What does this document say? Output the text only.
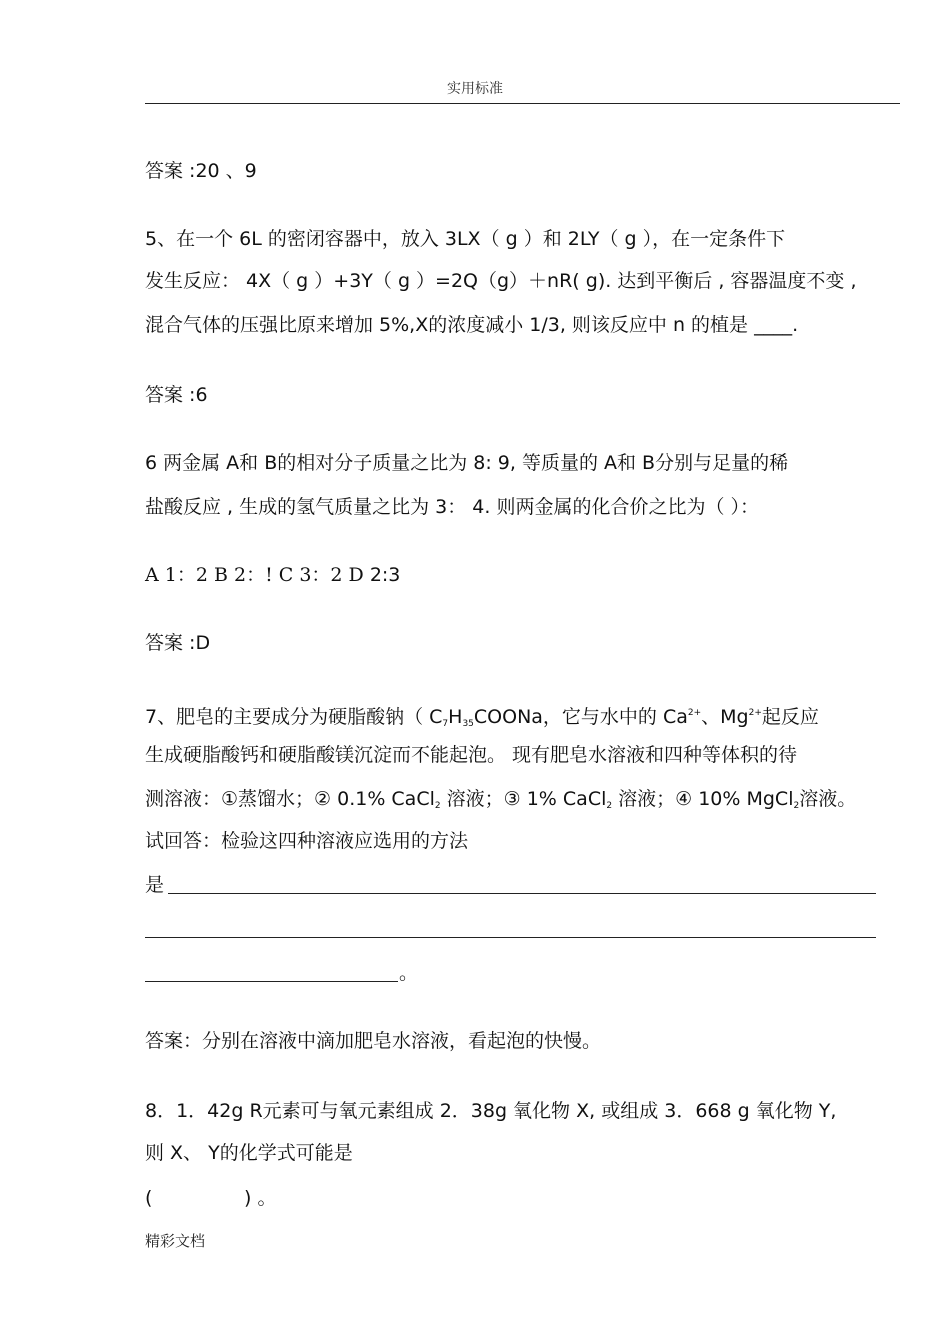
实用标准
答案 :20 、9
5、在一个 6L 的密闭容器中，放入 3LX（ g ）和 2LY（ g ），在一定条件下
发生反应： 4X（ g ）+3Y（ g ）=2Q（g）＋nR( g). 达到平衡后 , 容器温度不变 ,
混合气体的压强比原来增加 5%,X的浓度减小 1/3, 则该反应中 n 的植是 ____.
答案 :6
6 两金属 A和 B的相对分子质量之比为 8: 9, 等质量的 A和 B分别与足量的稀
盐酸反应 , 生成的氢气质量之比为 3： 4. 则两金属的化合价之比为（ ）：
A 1：2 B 2：! C 3：2 D 2:3
答案 :D
7、肥皂的主要成分为硬脂酸钠（ $C_7H_{35}COONa$，它与水中的 $Ca^{2+}$、$Mg^{2+}$起反应
生成硬脂酸钙和硬脂酸镁沉淀而不能起泡。 现有肥皂水溶液和四种等体积的待
测溶液：①蒸馏水；② 0.1% CaCl$_2$ 溶液；③ 1% CaCl$_2$ 溶液；④ 10% MgCl$_2$溶液。
试回答：检验这四种溶液应选用的方法
是
。
答案：分别在溶液中滴加肥皂水溶液，看起泡的快慢。
8．1．42g R元素可与氧元素组成 2．38g 氧化物 X, 或组成 3．668 g 氧化物 Y,
则 X、 Y的化学式可能是
(	) 。
精彩文档
